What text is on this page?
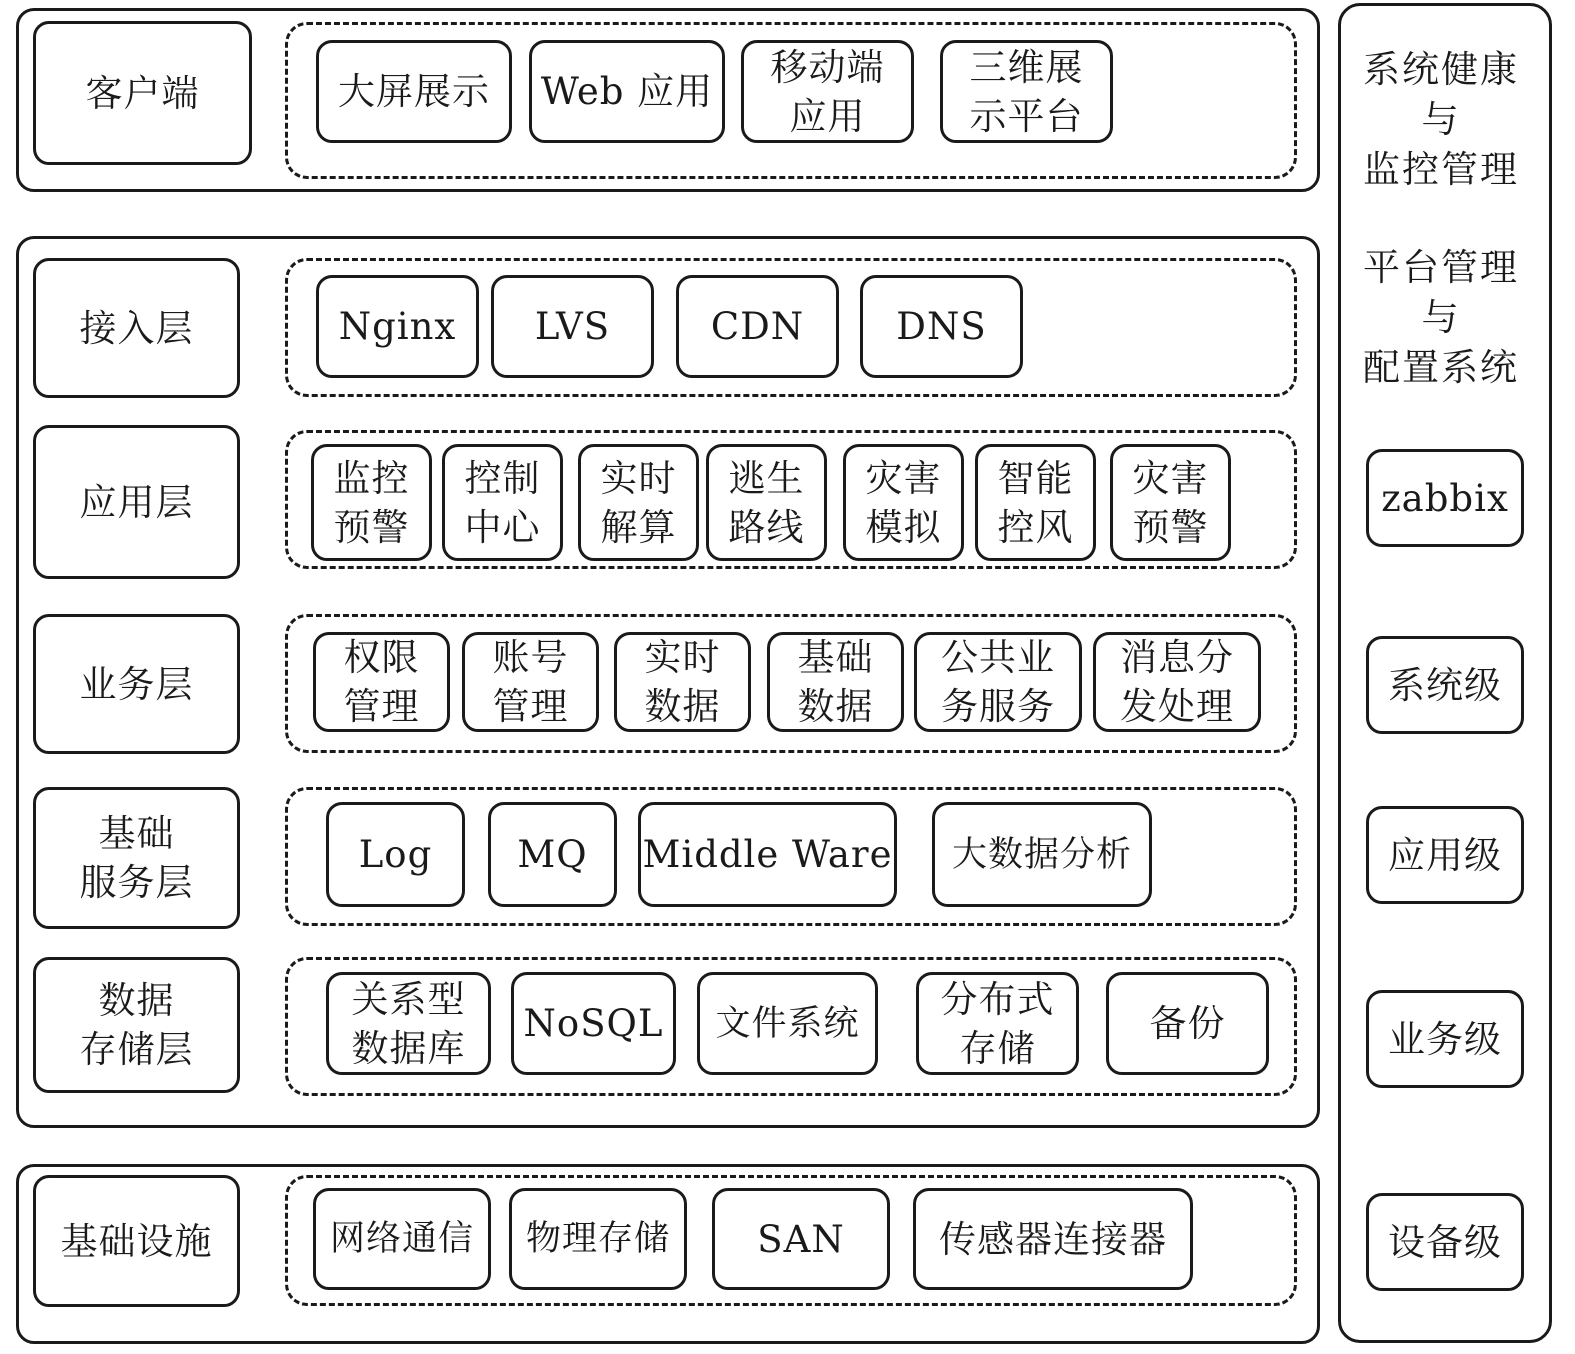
客户端	大屏展示 Web 应用
移动端
应用
三维展
示平台
接入层	Nginx LVS	CDN DNS
应用层
监控
预警
控制
中心
实时
解算
逃生
路线
灾害
模拟
智能
控风
灾害
预警
业务层
权限
管理
账号
管理
实时
数据
基础
数据
公共业
务服务
消息分
发处理
基础
服务层
Log MQ Middle Ware 大数据分析
数据
存储层
关系型
数据库
NoSQL 文件系统
分布式
存储
备份
基础设施	网络通信 物理存储 SAN	传感器连接器
系统健康
与
监控管理
平台管理
与
配置系统
zabbix
系统级
应用级
业务级
设备级
